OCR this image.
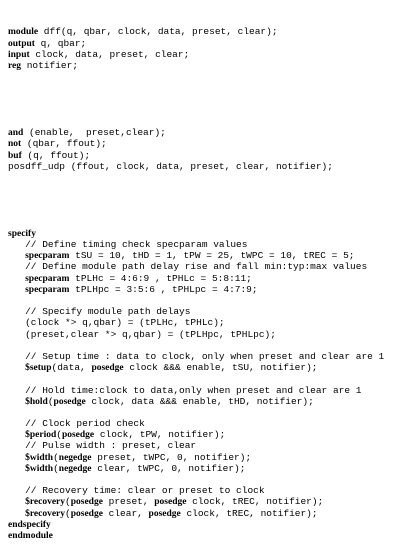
module dff(q, qbar, clock, data, preset, clear);
output q, qbar;
input clock, data, preset, clear;
reg notifier;

and (enable,  preset,clear);
not (qbar, ffout);
buf (q, ffout);
posdff_udp (ffout, clock, data, preset, clear, notifier);

specify
// Define timing check specparam values
specparam tSU = 10, tHD = 1, tPW = 25, tWPC = 10, tREC = 5;
// Define module path delay rise and fall min:typ:max values
specparam tPLHc = 4:6:9 , tPHLc = 5:8:11;
specparam tPLHpc = 3:5:6 , tPHLpc = 4:7:9;
// Specify module path delays
(clock *> q,qbar) = (tPLHc, tPHLc);
(preset,clear *> q,qbar) = (tPLHpc, tPHLpc);
// Setup time : data to clock, only when preset and clear are 1
$setup(data, posedge clock &&& enable, tSU, notifier);
// Hold time:clock to data,only when preset and clear are 1
$hold(posedge clock, data &&& enable, tHD, notifier);
// Clock period check
$period(posedge clock, tPW, notifier);
// Pulse width : preset, clear
$width(negedge preset, tWPC, 0, notifier);
$width(negedge clear, tWPC, 0, notifier);
// Recovery time: clear or preset to clock
$recovery(posedge preset, posedge clock, tREC, notifier);
$recovery(posedge clear, posedge clock, tREC, notifier);
endspecify
endmodule
